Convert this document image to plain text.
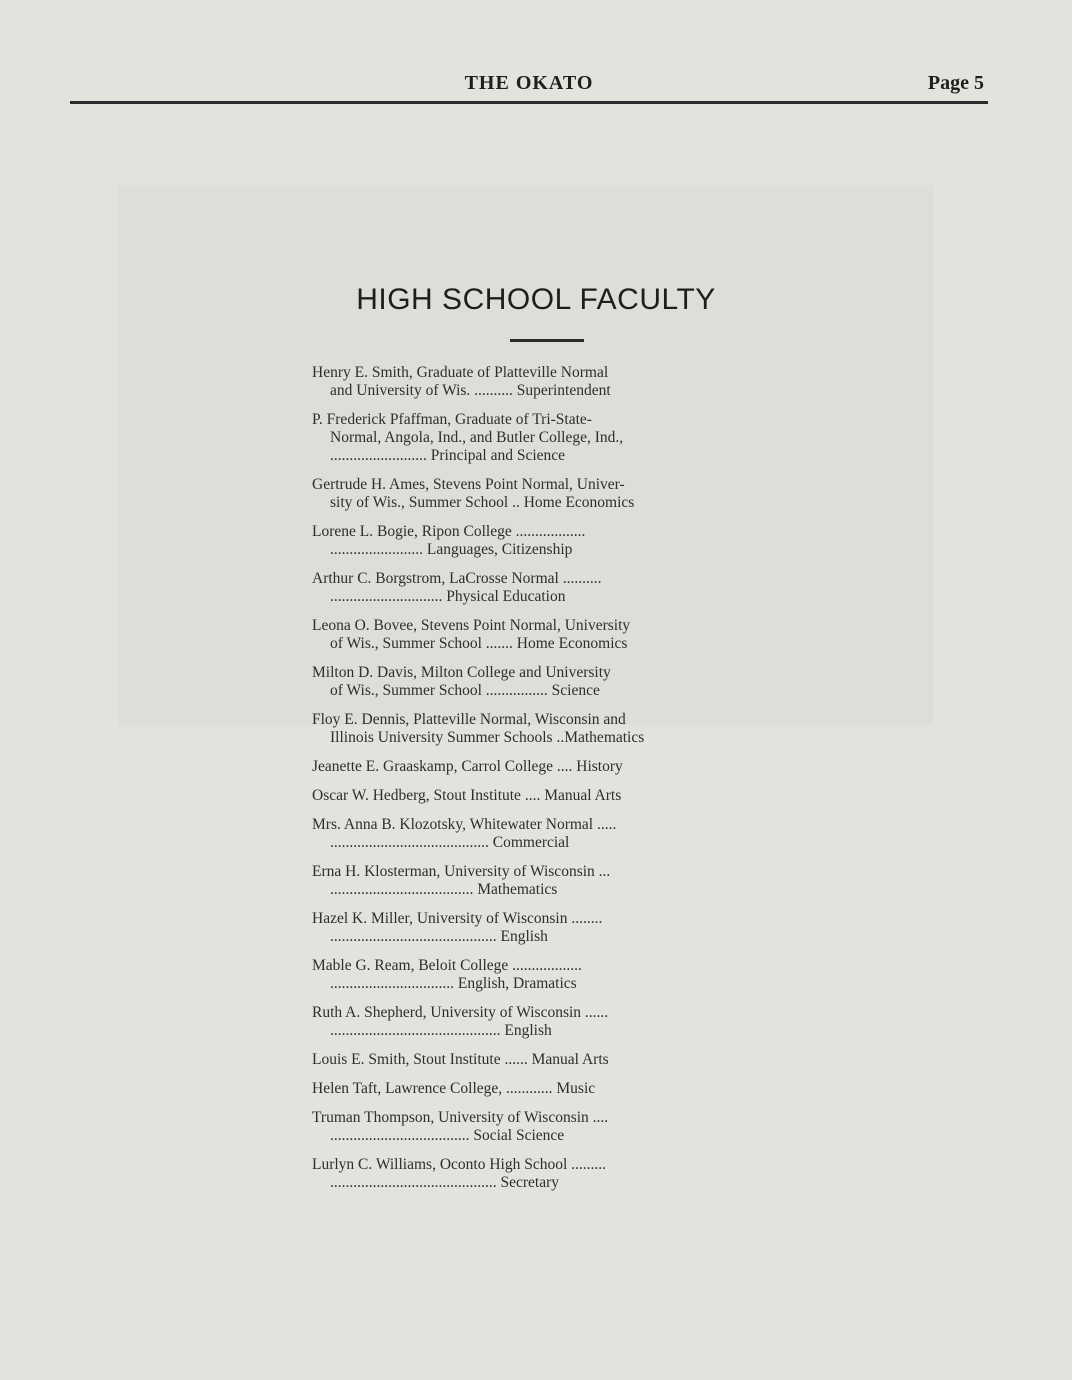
THE OKATO	Page 5
HIGH SCHOOL FACULTY
Henry E. Smith, Graduate of Platteville Normal
and University of Wis. .......... Superintendent
P. Frederick Pfaffman, Graduate of Tri-State-
Normal, Angola, Ind., and Butler College, Ind.,
......................... Principal and Science
Gertrude H. Ames, Stevens Point Normal, Univer-
sity of Wis., Summer School .. Home Economics
Lorene L. Bogie, Ripon College ..................
........................ Languages, Citizenship
Arthur C. Borgstrom, LaCrosse Normal ..........
............................. Physical Education
Leona O. Bovee, Stevens Point Normal, University
of Wis., Summer School ....... Home Economics
Milton D. Davis, Milton College and University
of Wis., Summer School ................ Science
Floy E. Dennis, Platteville Normal, Wisconsin and
Illinois University Summer Schools ..Mathematics
Jeanette E. Graaskamp, Carrol College .... History
Oscar W. Hedberg, Stout Institute .... Manual Arts
Mrs. Anna B. Klozotsky, Whitewater Normal .....
......................................... Commercial
Erna H. Klosterman, University of Wisconsin ...
..................................... Mathematics
Hazel K. Miller, University of Wisconsin ........
........................................... English
Mable G. Ream, Beloit College ..................
................................ English, Dramatics
Ruth A. Shepherd, University of Wisconsin ......
............................................ English
Louis E. Smith, Stout Institute ...... Manual Arts
Helen Taft, Lawrence College, ............ Music
Truman Thompson, University of Wisconsin ....
.................................... Social Science
Lurlyn C. Williams, Oconto High School .........
........................................... Secretary
